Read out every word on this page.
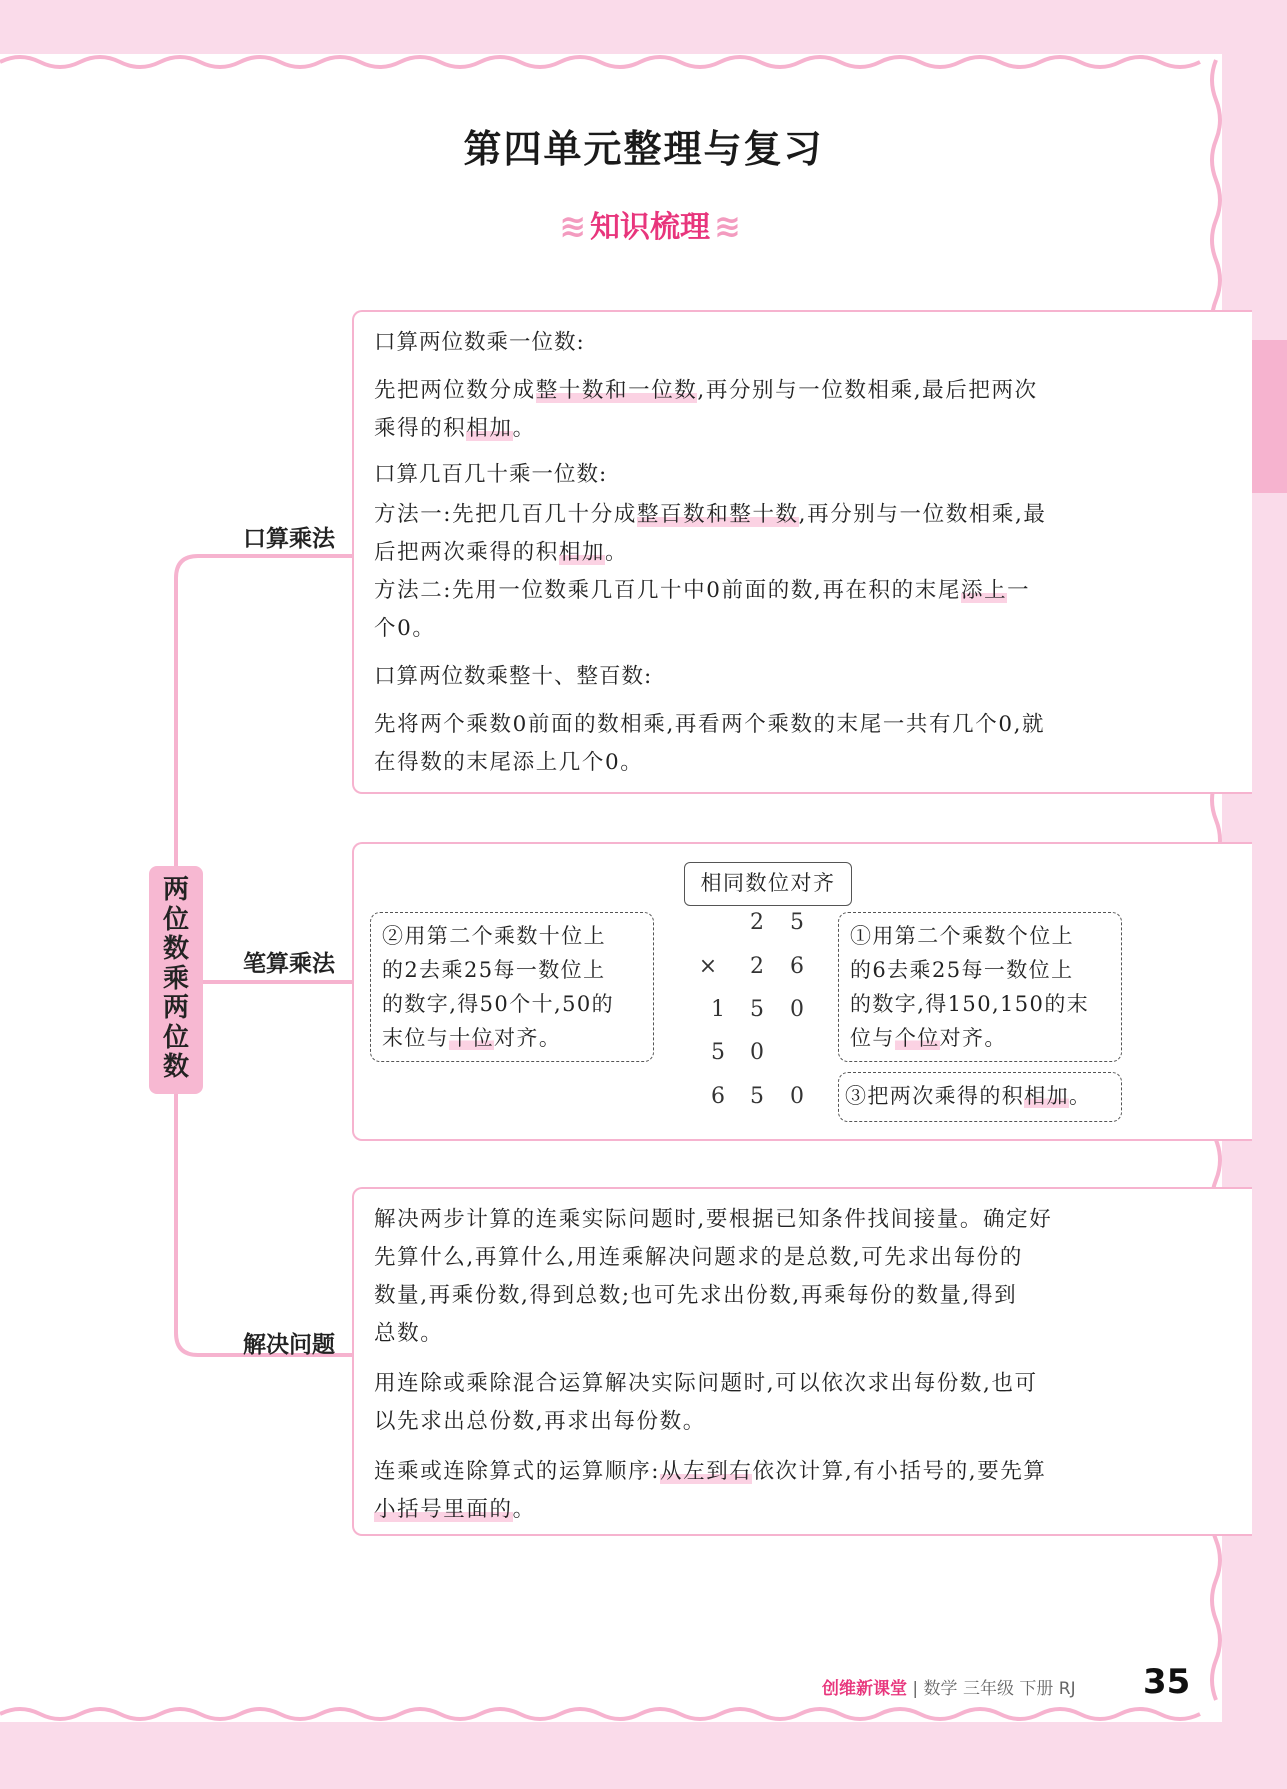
第四单元整理与复习
≋ 知识梳理 ≋
两位数乘两位数
口算乘法
笔算乘法
解决问题

口算两位数乘一位数:

先把两位数分成整十数和一位数,再分别与一位数相乘,最后把两次

乘得的积相加。

口算几百几十乘一位数:

方法一:先把几百几十分成整百数和整十数,再分别与一位数相乘,最

后把两次乘得的积相加。

方法二:先用一位数乘几百几十中0前面的数,再在积的末尾添上一

个0。

口算两位数乘整十、整百数:

先将两个乘数0前面的数相乘,再看两个乘数的末尾一共有几个0,就

在得数的末尾添上几个0。

相同数位对齐

②用第二个乘数十位上

的2去乘25每一数位上

的数字,得50个十,50的

末位与十位对齐。

①用第二个乘数个位上

的6去乘25每一数位上

的数字,得150,150的末

位与个位对齐。

③把两次乘得的积相加。

2 5
× 2 6
1 5 0
5 0
6 5 0

解决两步计算的连乘实际问题时,要根据已知条件找间接量。确定好

先算什么,再算什么,用连乘解决问题求的是总数,可先求出每份的

数量,再乘份数,得到总数;也可先求出份数,再乘每份的数量,得到

总数。

用连除或乘除混合运算解决实际问题时,可以依次求出每份数,也可

以先求出总份数,再求出每份数。

连乘或连除算式的运算顺序:从左到右依次计算,有小括号的,要先算

小括号里面的。

创维新课堂 | 数学 三年级 下册 RJ 35
